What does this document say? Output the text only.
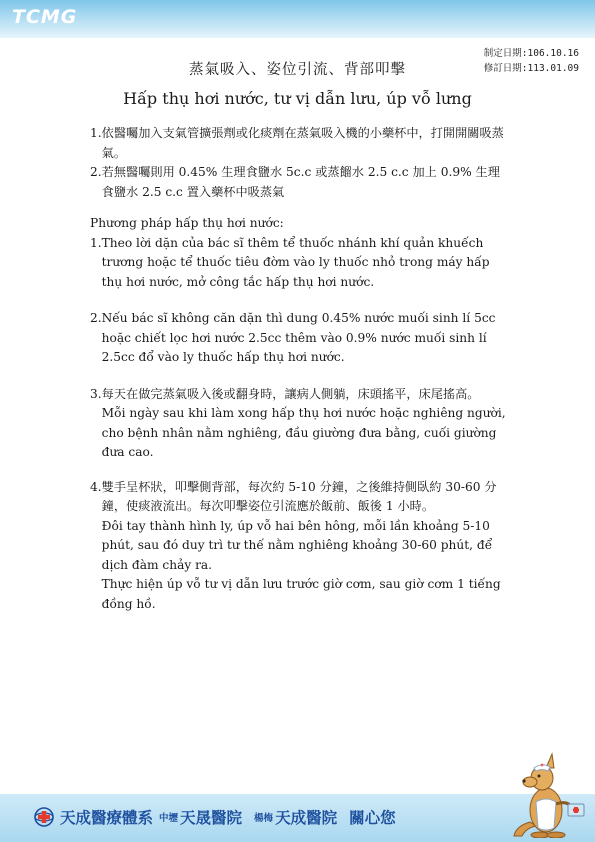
TCMG
制定日期:106.10.16
修訂日期:113.01.09
蒸氣吸入、姿位引流、背部叩擊
Hấp thụ hơi nước, tư vị dẫn lưu, úp vỗ lưng
1. 依醫囑加入支氣管擴張劑或化痰劑在蒸氣吸入機的小藥杯中，打開開關吸蒸氣。
2. 若無醫囑則用 0.45% 生理食鹽水 5c.c 或蒸餾水 2.5 c.c 加上 0.9% 生理食鹽水 2.5 c.c 置入藥杯中吸蒸氣
Phương pháp hấp thụ hơi nước:
1. Theo lời dặn của bác sĩ thêm tể thuốc nhánh khí quản khuếch trương hoặc tể thuốc tiêu đờm vào ly thuốc nhỏ trong máy hấp thụ hơi nước, mở công tắc hấp thụ hơi nước.
2. Nếu bác sĩ không căn dặn thì dung 0.45% nước muối sinh lí 5cc hoặc chiết lọc hơi nước 2.5cc thêm vào 0.9% nước muối sinh lí 2.5cc đổ vào ly thuốc hấp thụ hơi nước.
3. 每天在做完蒸氣吸入後或翻身時，讓病人側躺，床頭搖平，床尾搖高。
Mỗi ngày sau khi làm xong hấp thụ hơi nước hoặc nghiêng người, cho bệnh nhân nằm nghiêng, đầu giường đưa bằng, cuối giường đưa cao.
4. 雙手呈杯狀，叩擊側背部，每次約 5-10 分鐘，之後維持側臥約 30-60 分鐘，使痰液流出。每次叩擊姿位引流應於飯前、飯後 1 小時。
Đôi tay thành hình ly, úp vỗ hai bên hông, mỗi lần khoảng 5-10 phút, sau đó duy trì tư thế nằm nghiêng khoảng 30-60 phút, để dịch đàm chảy ra.
Thực hiện úp vỗ tư vị dẫn lưu trước giờ cơm, sau giờ cơm 1 tiếng đồng hồ.
天成醫療體系 中壢 天晟醫院 楊梅 天成醫院 關心您
